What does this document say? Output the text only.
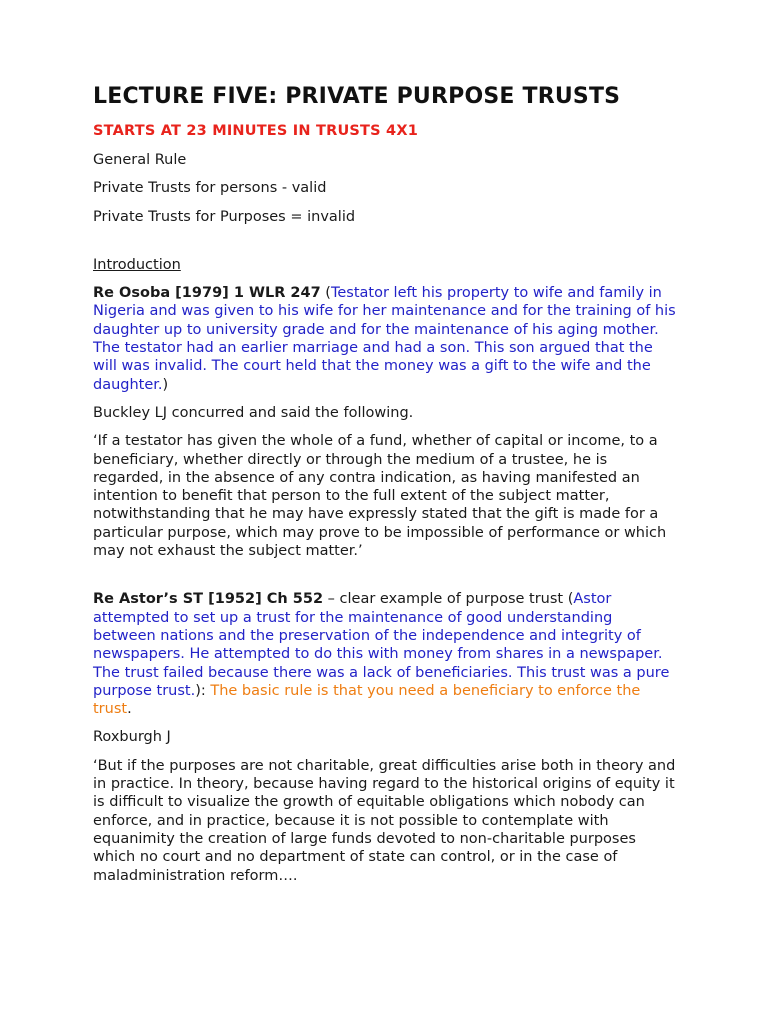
LECTURE FIVE: PRIVATE PURPOSE TRUSTS
STARTS AT 23 MINUTES IN TRUSTS 4X1

General Rule

Private Trusts for persons - valid

Private Trusts for Purposes = invalid

Introduction

Re Osoba [1979] 1 WLR 247 (Testator left his property to wife and family in Nigeria and was given to his wife for her maintenance and for the training of his daughter up to university grade and for the maintenance of his aging mother. The testator had an earlier marriage and had a son. This son argued that the will was invalid. The court held that the money was a gift to the wife and the daughter.)

Buckley LJ concurred and said the following.

‘If a testator has given the whole of a fund, whether of capital or income, to a beneficiary, whether directly or through the medium of a trustee, he is regarded, in the absence of any contra indication, as having manifested an intention to benefit that person to the full extent of the subject matter, notwithstanding that he may have expressly stated that the gift is made for a particular purpose, which may prove to be impossible of performance or which may not exhaust the subject matter.’

Re Astor’s ST [1952] Ch 552 – clear example of purpose trust (Astor attempted to set up a trust for the maintenance of good understanding between nations and the preservation of the independence and integrity of newspapers. He attempted to do this with money from shares in a newspaper. The trust failed because there was a lack of beneficiaries. This trust was a pure purpose trust.): The basic rule is that you need a beneficiary to enforce the trust.

Roxburgh J

‘But if the purposes are not charitable, great difficulties arise both in theory and in practice. In theory, because having regard to the historical origins of equity it is difficult to visualize the growth of equitable obligations which nobody can enforce, and in practice, because it is not possible to contemplate with equanimity the creation of large funds devoted to non-charitable purposes which no court and no department of state can control, or in the case of maladministration reform….
